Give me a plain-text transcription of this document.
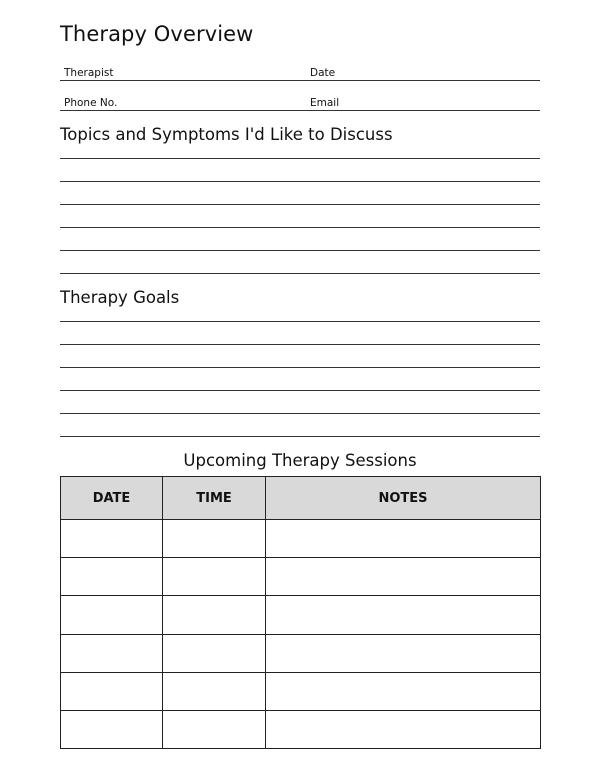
Therapy Overview
Therapist	Date
Phone No.	Email
Topics and Symptoms I'd Like to Discuss
Therapy Goals
Upcoming Therapy Sessions
DATE	TIME	NOTES
